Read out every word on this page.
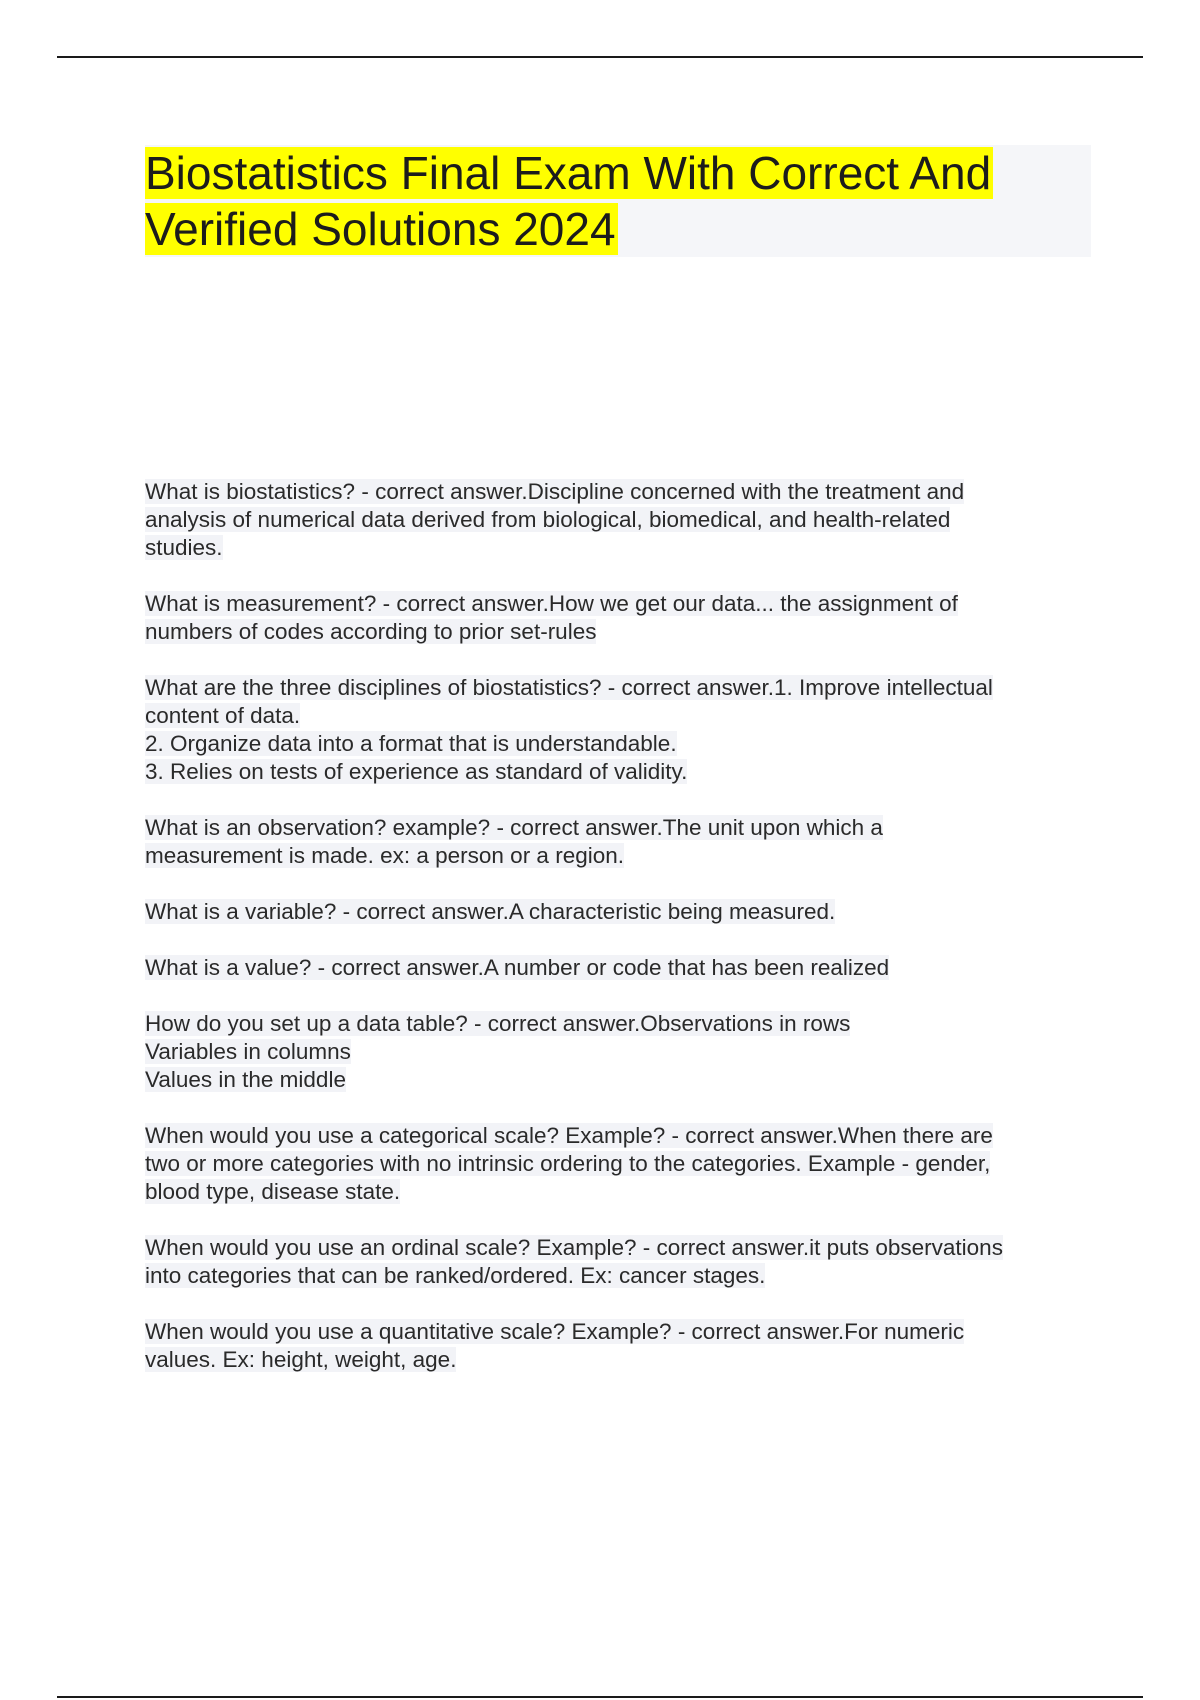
Biostatistics Final Exam With Correct And
Verified Solutions 2024

What is biostatistics? - correct answer.Discipline concerned with the treatment and
analysis of numerical data derived from biological, biomedical, and health-related
studies.

What is measurement? - correct answer.How we get our data... the assignment of
numbers of codes according to prior set-rules

What are the three disciplines of biostatistics? - correct answer.1. Improve intellectual
content of data.
2. Organize data into a format that is understandable.
3. Relies on tests of experience as standard of validity.

What is an observation? example? - correct answer.The unit upon which a
measurement is made. ex: a person or a region.

What is a variable? - correct answer.A characteristic being measured.

What is a value? - correct answer.A number or code that has been realized

How do you set up a data table? - correct answer.Observations in rows
Variables in columns
Values in the middle

When would you use a categorical scale? Example? - correct answer.When there are
two or more categories with no intrinsic ordering to the categories. Example - gender,
blood type, disease state.

When would you use an ordinal scale? Example? - correct answer.it puts observations
into categories that can be ranked/ordered. Ex: cancer stages.

When would you use a quantitative scale? Example? - correct answer.For numeric
values. Ex: height, weight, age.
